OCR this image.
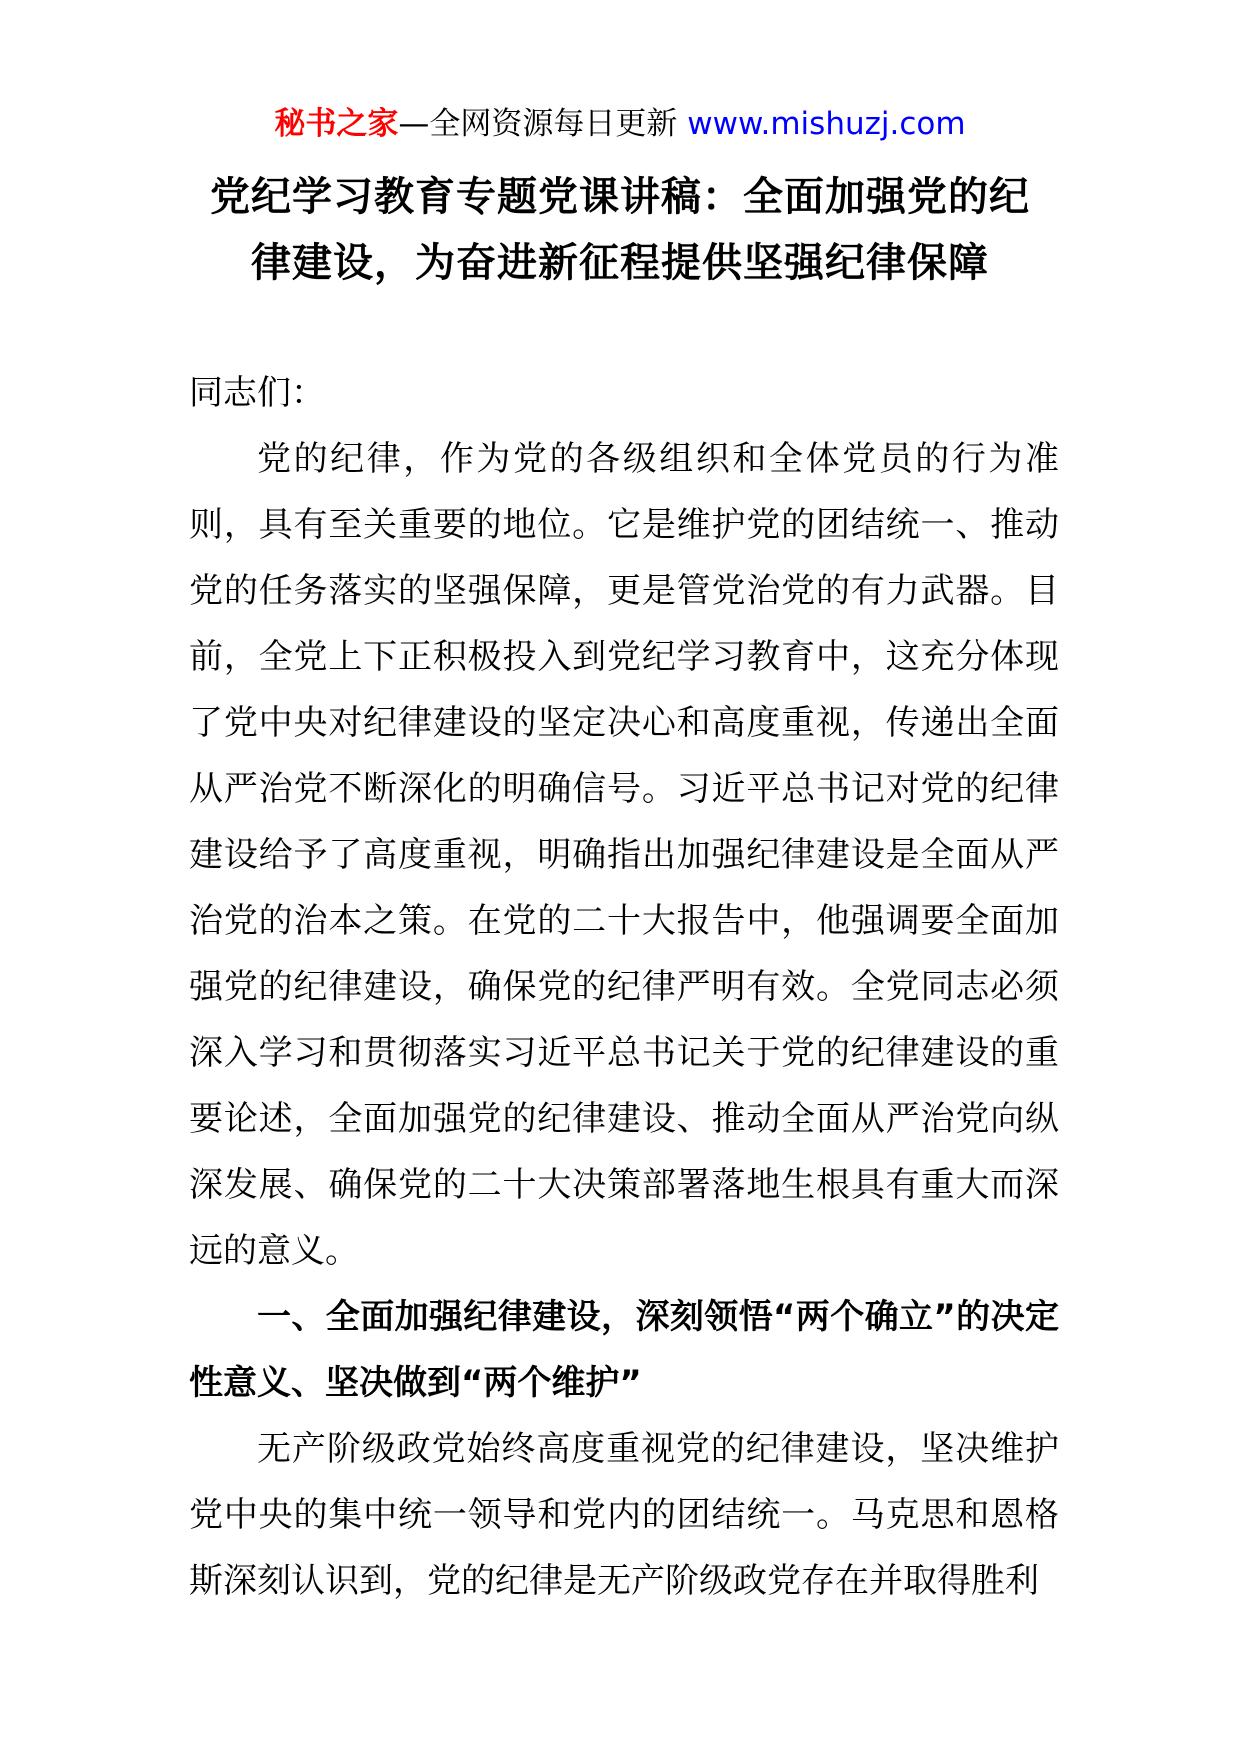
秘书之家—全网资源每日更新 www.mishuzj.com
党纪学习教育专题党课讲稿：全面加强党的纪
律建设，为奋进新征程提供坚强纪律保障
同志们：

党的纪律，作为党的各级组织和全体党员的行为准则，具有至关重要的地位。它是维护党的团结统一、推动党的任务落实的坚强保障，更是管党治党的有力武器。目前，全党上下正积极投入到党纪学习教育中，这充分体现了党中央对纪律建设的坚定决心和高度重视，传递出全面从严治党不断深化的明确信号。习近平总书记对党的纪律建设给予了高度重视，明确指出加强纪律建设是全面从严治党的治本之策。在党的二十大报告中，他强调要全面加强党的纪律建设，确保党的纪律严明有效。全党同志必须深入学习和贯彻落实习近平总书记关于党的纪律建设的重要论述，全面加强党的纪律建设、推动全面从严治党向纵深发展、确保党的二十大决策部署落地生根具有重大而深远的意义。

一、全面加强纪律建设，深刻领悟“两个确立”的决定性意义、坚决做到“两个维护”

无产阶级政党始终高度重视党的纪律建设，坚决维护党中央的集中统一领导和党内的团结统一。马克思和恩格斯深刻认识到，党的纪律是无产阶级政党存在并取得胜利
